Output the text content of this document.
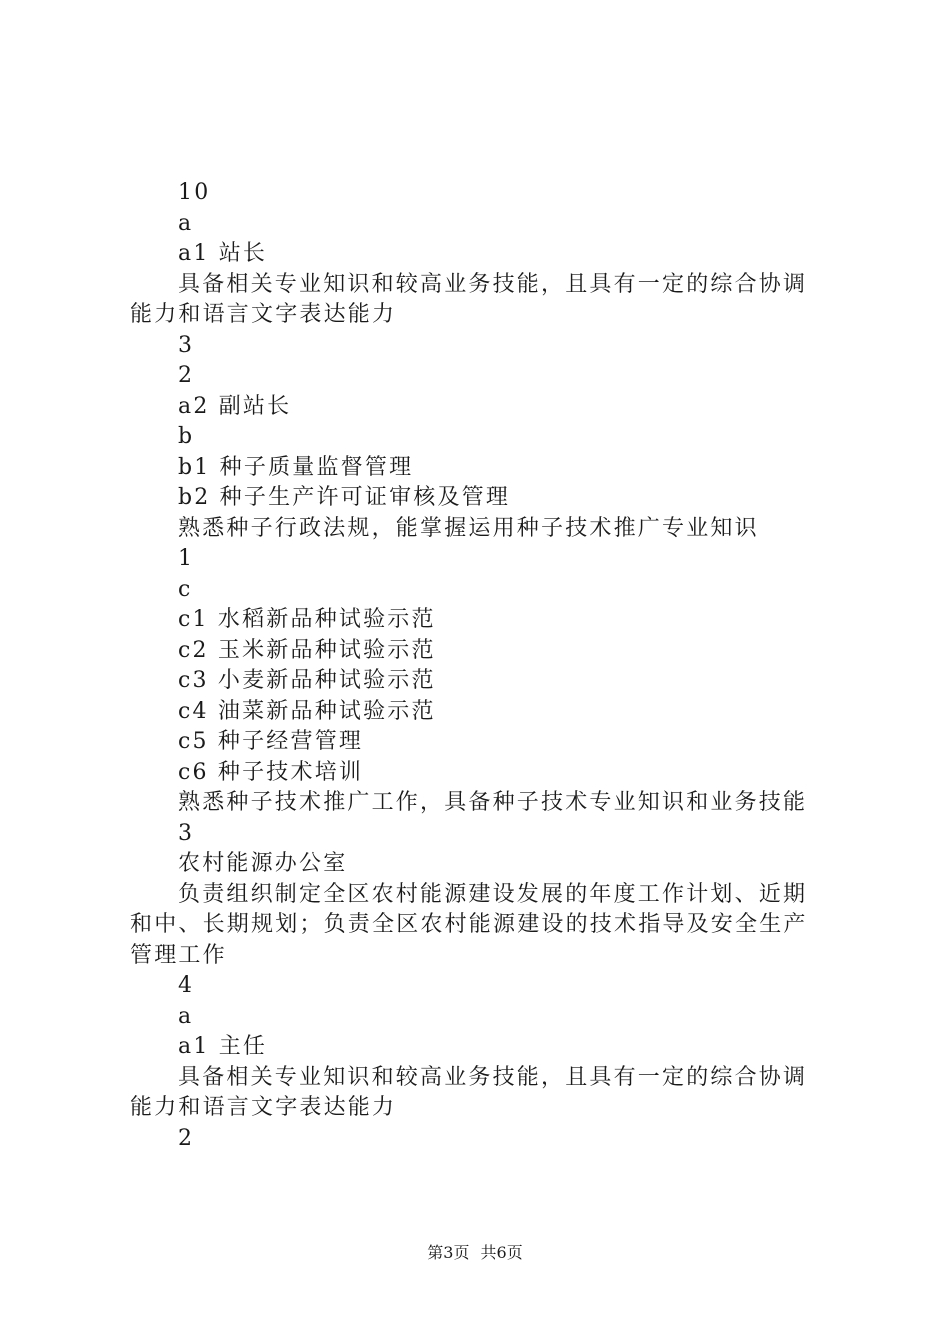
10

a

a1 站长

具备相关专业知识和较高业务技能，且具有一定的综合协调能力和语言文字表达能力

3

2

a2 副站长

b

b1 种子质量监督管理

b2 种子生产许可证审核及管理

熟悉种子行政法规，能掌握运用种子技术推广专业知识

1

c

c1 水稻新品种试验示范

c2 玉米新品种试验示范

c3 小麦新品种试验示范

c4 油菜新品种试验示范

c5 种子经营管理

c6 种子技术培训

熟悉种子技术推广工作，具备种子技术专业知识和业务技能

3

农村能源办公室

负责组织制定全区农村能源建设发展的年度工作计划、近期和中、长期规划；负责全区农村能源建设的技术指导及安全生产管理工作

4

a

a1 主任

具备相关专业知识和较高业务技能，且具有一定的综合协调能力和语言文字表达能力

2

第3页 共6页
